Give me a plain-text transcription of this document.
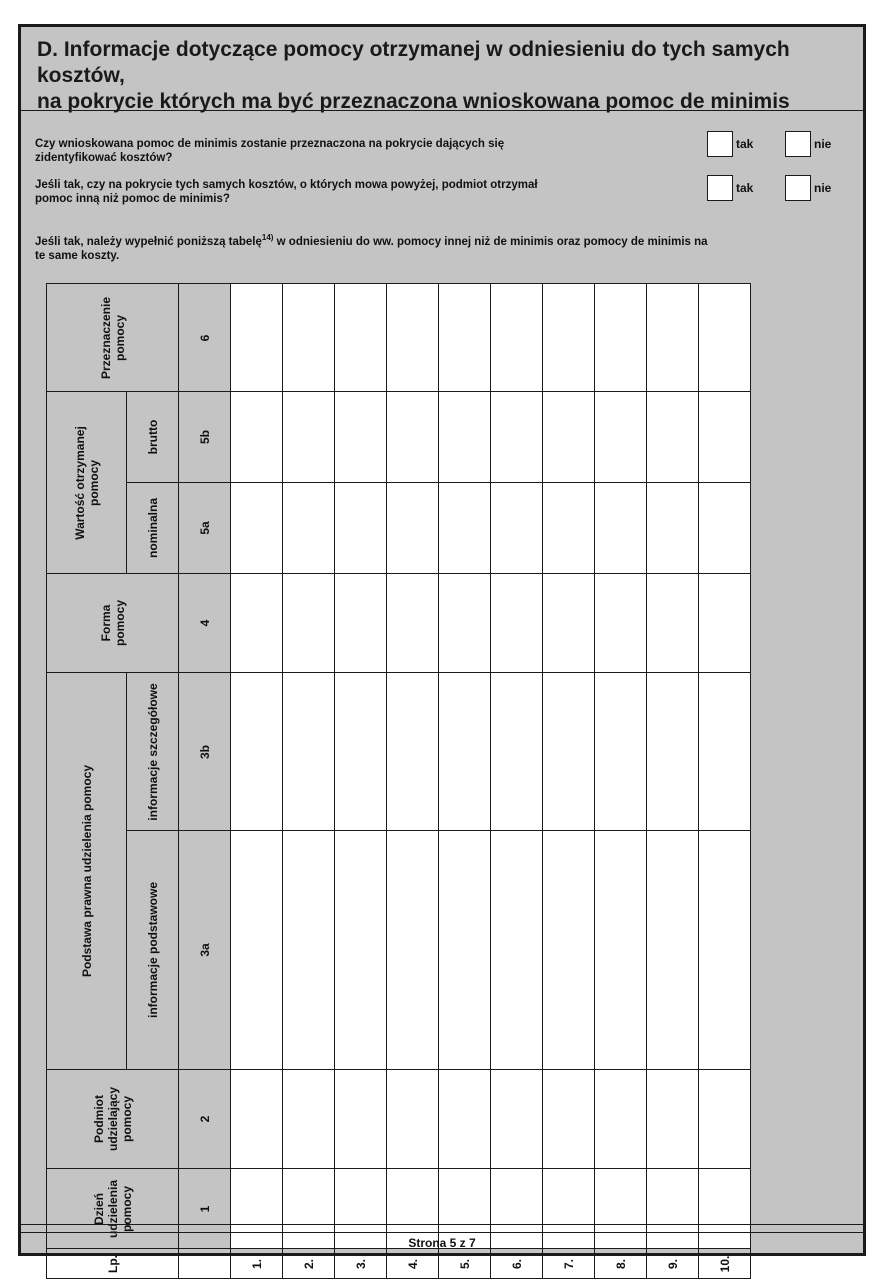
D. Informacje dotyczące pomocy otrzymanej w odniesieniu do tych samych kosztów,
na pokrycie których ma być przeznaczona wnioskowana pomoc de minimis

Czy wnioskowana pomoc de minimis zostanie przeznaczona na pokrycie dających się
zidentyfikować kosztów?
tak	nie
Jeśli tak, czy na pokrycie tych samych kosztów, o których mowa powyżej, podmiot otrzymał
pomoc inną niż pomoc de minimis?
tak	nie
Jeśli tak, należy wypełnić poniższą tabelę$^{14)}$ w odniesieniu do ww. pomocy innej niż de minimis oraz pomocy de minimis na
te same koszty.
Przeznaczenie pomocy	6
Wartość otrzymanej pomocy
brutto	5b
nominalna	5a
Forma pomocy	4
Podstawa prawna udzielenia pomocy
informacje szczegółowe	3b
informacje podstawowe	3a
Podmiot udzielający pomocy	2
Dzień udzielenia pomocy	1
Lp.	1.	2.	3.	4.	5.	6.	7.	8.	9.	10.
Strona 5 z 7
